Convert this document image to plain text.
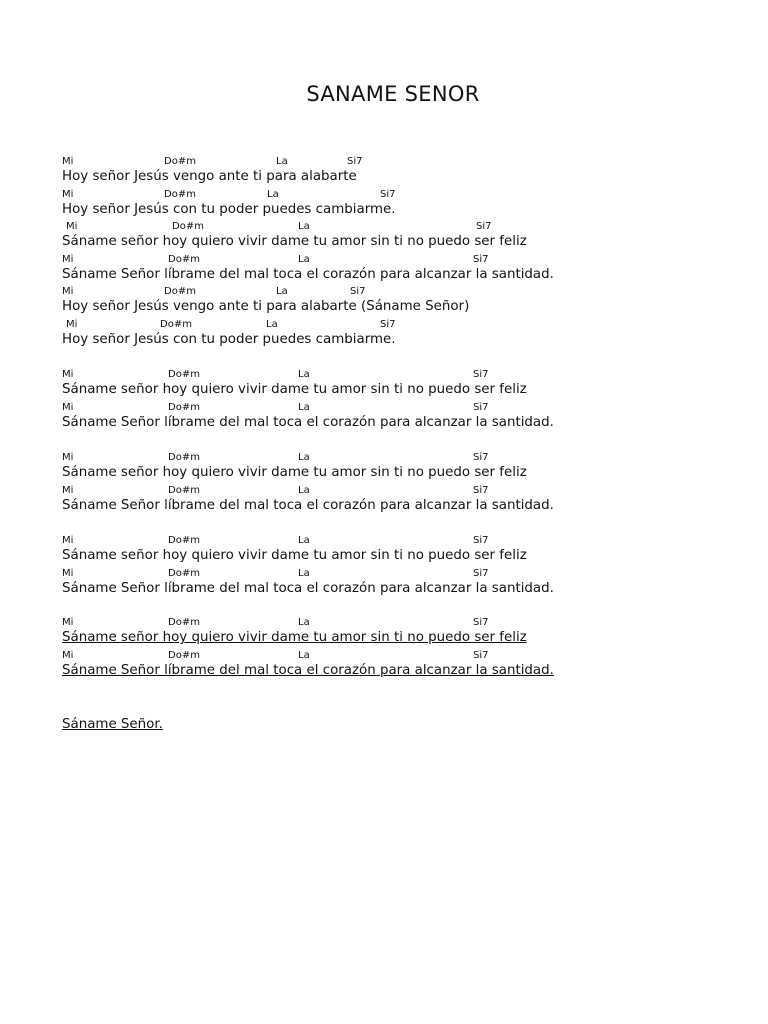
SANAME SENOR
Mi	Do#m	La	Si7
Hoy señor Jesús vengo ante ti para alabarte
Mi	Do#m	La	Si7
Hoy señor Jesús con tu poder puedes cambiarme.
Mi	Do#m	La	Si7
Sáname señor hoy quiero vivir dame tu amor sin ti no puedo ser feliz
Mi	Do#m	La	Si7
Sáname Señor líbrame del mal toca el corazón para alcanzar la santidad.
Mi	Do#m	La	Si7
Hoy señor Jesús vengo ante ti para alabarte (Sáname Señor)
Mi	Do#m	La	Si7
Hoy señor Jesús con tu poder puedes cambiarme.
Mi	Do#m	La	Si7
Sáname señor hoy quiero vivir dame tu amor sin ti no puedo ser feliz
Mi	Do#m	La	Si7
Sáname Señor líbrame del mal toca el corazón para alcanzar la santidad.
Mi	Do#m	La	Si7
Sáname señor hoy quiero vivir dame tu amor sin ti no puedo ser feliz
Mi	Do#m	La	Si7
Sáname Señor líbrame del mal toca el corazón para alcanzar la santidad.
Mi	Do#m	La	Si7
Sáname señor hoy quiero vivir dame tu amor sin ti no puedo ser feliz
Mi	Do#m	La	Si7
Sáname Señor líbrame del mal toca el corazón para alcanzar la santidad.
Mi	Do#m	La	Si7
Sáname señor hoy quiero vivir dame tu amor sin ti no puedo ser feliz
Mi	Do#m	La	Si7
Sáname Señor líbrame del mal toca el corazón para alcanzar la santidad.
Sáname Señor.
